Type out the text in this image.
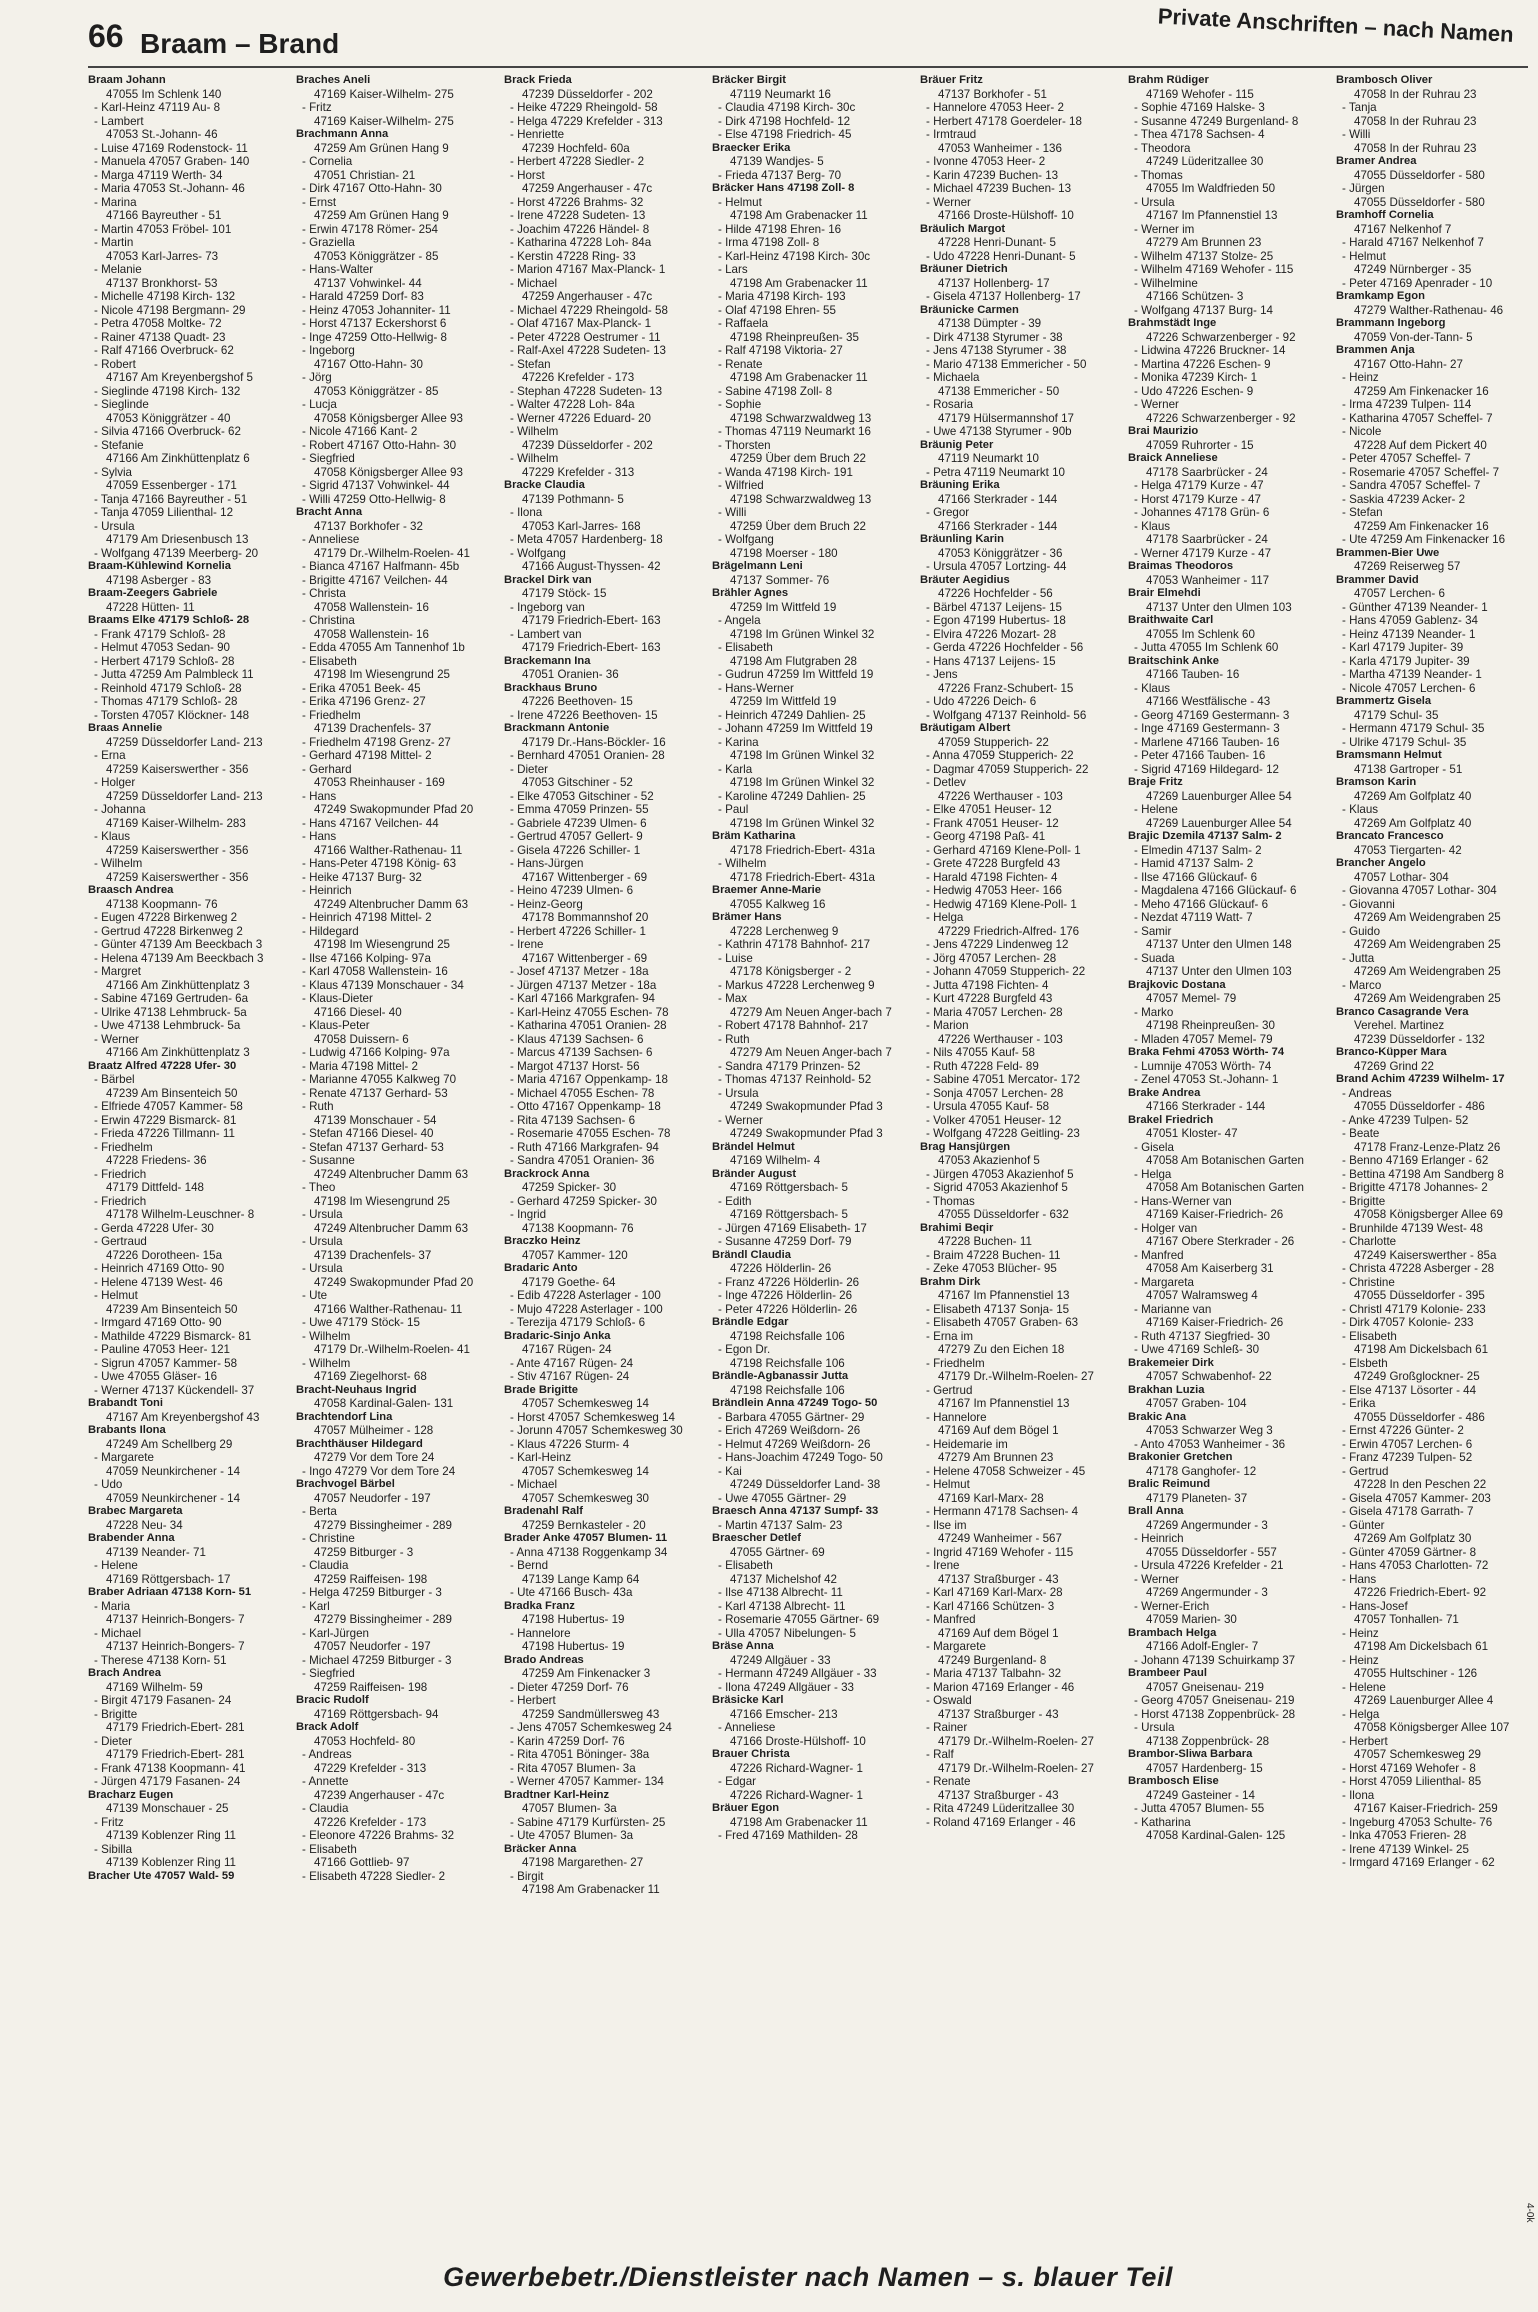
66 Braam – Brand	Private Anschriften – nach Namen
Braam Johann
47055 Im Schlenk 140
- Karl-Heinz 47119 Au- 8
- Lambert
47053 St.-Johann- 46
- Luise 47169 Rodenstock- 11
- Manuela 47057 Graben- 140
- Marga 47119 Werth- 34
- Maria 47053 St.-Johann- 46
- Marina
47166 Bayreuther - 51
- Martin 47053 Fröbel- 101
- Martin
47053 Karl-Jarres- 73
- Melanie
47137 Bronkhorst- 53
- Michelle 47198 Kirch- 132
- Nicole 47198 Bergmann- 29
- Petra 47058 Moltke- 72
- Rainer 47138 Quadt- 23
- Ralf 47166 Overbruck- 62
- Robert
47167 Am Kreyenbergshof 5
- Sieglinde 47198 Kirch- 132
- Sieglinde
47053 Königgrätzer - 40
- Silvia 47166 Overbruck- 62
- Stefanie
47166 Am Zinkhüttenplatz 6
- Sylvia
47059 Essenberger - 171
- Tanja 47166 Bayreuther - 51
- Tanja 47059 Lilienthal- 12
- Ursula
47179 Am Driesenbusch 13
- Wolfgang 47139 Meerberg- 20
Braam-Kühlewind Kornelia
47198 Asberger - 83
Braam-Zeegers Gabriele
47228 Hütten- 11
Braams Elke 47179 Schloß- 28
- Frank 47179 Schloß- 28
- Helmut 47053 Sedan- 90
- Herbert 47179 Schloß- 28
- Jutta 47259 Am Palmbleck 11
- Reinhold 47179 Schloß- 28
- Thomas 47179 Schloß- 28
- Torsten 47057 Klöckner- 148
Braas Annelie
47259 Düsseldorfer Land- 213
- Erna
47259 Kaiserswerther - 356
- Holger
47259 Düsseldorfer Land- 213
- Johanna
47169 Kaiser-Wilhelm- 283
- Klaus
47259 Kaiserswerther - 356
- Wilhelm
47259 Kaiserswerther - 356
Braasch Andrea
47138 Koopmann- 76
- Eugen 47228 Birkenweg 2
- Gertrud 47228 Birkenweg 2
- Günter 47139 Am Beeckbach 3
- Helena 47139 Am Beeckbach 3
- Margret
47166 Am Zinkhüttenplatz 3
- Sabine 47169 Gertruden- 6a
- Ulrike 47138 Lehmbruck- 5a
- Uwe 47138 Lehmbruck- 5a
- Werner
47166 Am Zinkhüttenplatz 3
Braatz Alfred 47228 Ufer- 30
- Bärbel
47239 Am Binsenteich 50
- Elfriede 47057 Kammer- 58
- Erwin 47229 Bismarck- 81
- Frieda 47226 Tillmann- 11
- Friedhelm
47228 Friedens- 36
- Friedrich
47179 Dittfeld- 148
- Friedrich
47178 Wilhelm-Leuschner- 8
- Gerda 47228 Ufer- 30
- Gertraud
47226 Dorotheen- 15a
- Heinrich 47169 Otto- 90
- Helene 47139 West- 46
- Helmut
47239 Am Binsenteich 50
- Irmgard 47169 Otto- 90
- Mathilde 47229 Bismarck- 81
- Pauline 47053 Heer- 121
- Sigrun 47057 Kammer- 58
- Uwe 47055 Gläser- 16
- Werner 47137 Kückendell- 37
Brabandt Toni
47167 Am Kreyenbergshof 43
Brabants Ilona
47249 Am Schellberg 29
- Margarete
47059 Neunkirchener - 14
- Udo
47059 Neunkirchener - 14
Brabec Margareta
47228 Neu- 34
Brabender Anna
47139 Neander- 71
- Helene
47169 Röttgersbach- 17
Braber Adriaan 47138 Korn- 51
- Maria
47137 Heinrich-Bongers- 7
- Michael
47137 Heinrich-Bongers- 7
- Therese 47138 Korn- 51
Brach Andrea
47169 Wilhelm- 59
- Birgit 47179 Fasanen- 24
- Brigitte
47179 Friedrich-Ebert- 281
- Dieter
47179 Friedrich-Ebert- 281
- Frank 47138 Koopmann- 41
- Jürgen 47179 Fasanen- 24
Bracharz Eugen
47139 Monschauer - 25
- Fritz
47139 Koblenzer Ring 11
- Sibilla
47139 Koblenzer Ring 11
Bracher Ute 47057 Wald- 59
Braches Aneli
47169 Kaiser-Wilhelm- 275
- Fritz
47169 Kaiser-Wilhelm- 275
Brachmann Anna
47259 Am Grünen Hang 9
- Cornelia
47051 Christian- 21
- Dirk 47167 Otto-Hahn- 30
- Ernst
47259 Am Grünen Hang 9
- Erwin 47178 Römer- 254
- Graziella
47053 Königgrätzer - 85
- Hans-Walter
47137 Vohwinkel- 44
- Harald 47259 Dorf- 83
- Heinz 47053 Johanniter- 11
- Horst 47137 Eckershorst 6
- Inge 47259 Otto-Hellwig- 8
- Ingeborg
47167 Otto-Hahn- 30
- Jörg
47053 Königgrätzer - 85
- Lucja
47058 Königsberger Allee 93
- Nicole 47166 Kant- 2
- Robert 47167 Otto-Hahn- 30
- Siegfried
47058 Königsberger Allee 93
- Sigrid 47137 Vohwinkel- 44
- Willi 47259 Otto-Hellwig- 8
Bracht Anna
47137 Borkhofer - 32
- Anneliese
47179 Dr.-Wilhelm-Roelen- 41
- Bianca 47167 Halfmann- 45b
- Brigitte 47167 Veilchen- 44
- Christa
47058 Wallenstein- 16
- Christina
47058 Wallenstein- 16
- Edda 47055 Am Tannenhof 1b
- Elisabeth
47198 Im Wiesengrund 25
- Erika 47051 Beek- 45
- Erika 47196 Grenz- 27
- Friedhelm
47139 Drachenfels- 37
- Friedhelm 47198 Grenz- 27
- Gerhard 47198 Mittel- 2
- Gerhard
47053 Rheinhauser - 169
- Hans
47249 Swakopmunder Pfad 20
- Hans 47167 Veilchen- 44
- Hans
47166 Walther-Rathenau- 11
- Hans-Peter 47198 König- 63
- Heike 47137 Burg- 32
- Heinrich
47249 Altenbrucher Damm 63
- Heinrich 47198 Mittel- 2
- Hildegard
47198 Im Wiesengrund 25
- Ilse 47166 Kolping- 97a
- Karl 47058 Wallenstein- 16
- Klaus 47139 Monschauer - 34
- Klaus-Dieter
47166 Diesel- 40
- Klaus-Peter
47058 Duissern- 6
- Ludwig 47166 Kolping- 97a
- Maria 47198 Mittel- 2
- Marianne 47055 Kalkweg 70
- Renate 47137 Gerhard- 53
- Ruth
47139 Monschauer - 54
- Stefan 47166 Diesel- 40
- Stefan 47137 Gerhard- 53
- Susanne
47249 Altenbrucher Damm 63
- Theo
47198 Im Wiesengrund 25
- Ursula
47249 Altenbrucher Damm 63
- Ursula
47139 Drachenfels- 37
- Ursula
47249 Swakopmunder Pfad 20
- Ute
47166 Walther-Rathenau- 11
- Uwe 47179 Stöck- 15
- Wilhelm
47179 Dr.-Wilhelm-Roelen- 41
- Wilhelm
47169 Ziegelhorst- 68
Bracht-Neuhaus Ingrid
47058 Kardinal-Galen- 131
Brachtendorf Lina
47057 Mülheimer - 128
Brachthäuser Hildegard
47279 Vor dem Tore 24
- Ingo 47279 Vor dem Tore 24
Brachvogel Bärbel
47057 Neudorfer - 197
- Berta
47279 Bissingheimer - 289
- Christine
47259 Bitburger - 3
- Claudia
47259 Raiffeisen- 198
- Helga 47259 Bitburger - 3
- Karl
47279 Bissingheimer - 289
- Karl-Jürgen
47057 Neudorfer - 197
- Michael 47259 Bitburger - 3
- Siegfried
47259 Raiffeisen- 198
Bracic Rudolf
47169 Röttgersbach- 94
Brack Adolf
47053 Hochfeld- 80
- Andreas
47229 Krefelder - 313
- Annette
47239 Angerhauser - 47c
- Claudia
47226 Krefelder - 173
- Eleonore 47226 Brahms- 32
- Elisabeth
47166 Gottlieb- 97
- Elisabeth 47228 Siedler- 2
Brack Frieda
47239 Düsseldorfer - 202
- Heike 47229 Rheingold- 58
- Helga 47229 Krefelder - 313
- Henriette
47239 Hochfeld- 60a
- Herbert 47228 Siedler- 2
- Horst
47259 Angerhauser - 47c
- Horst 47226 Brahms- 32
- Irene 47228 Sudeten- 13
- Joachim 47226 Händel- 8
- Katharina 47228 Loh- 84a
- Kerstin 47228 Ring- 33
- Marion 47167 Max-Planck- 1
- Michael
47259 Angerhauser - 47c
- Michael 47229 Rheingold- 58
- Olaf 47167 Max-Planck- 1
- Peter 47228 Oestrumer - 11
- Ralf-Axel 47228 Sudeten- 13
- Stefan
47226 Krefelder - 173
- Stephan 47228 Sudeten- 13
- Walter 47228 Loh- 84a
- Werner 47226 Eduard- 20
- Wilhelm
47239 Düsseldorfer - 202
- Wilhelm
47229 Krefelder - 313
Bracke Claudia
47139 Pothmann- 5
- Ilona
47053 Karl-Jarres- 168
- Meta 47057 Hardenberg- 18
- Wolfgang
47166 August-Thyssen- 42
Brackel Dirk van
47179 Stöck- 15
- Ingeborg van
47179 Friedrich-Ebert- 163
- Lambert van
47179 Friedrich-Ebert- 163
Brackemann Ina
47051 Oranien- 36
Brackhaus Bruno
47226 Beethoven- 15
- Irene 47226 Beethoven- 15
Brackmann Antonie
47179 Dr.-Hans-Böckler- 16
- Bernhard 47051 Oranien- 28
- Dieter
47053 Gitschiner - 52
- Elke 47053 Gitschiner - 52
- Emma 47059 Prinzen- 55
- Gabriele 47239 Ulmen- 6
- Gertrud 47057 Gellert- 9
- Gisela 47226 Schiller- 1
- Hans-Jürgen
47167 Wittenberger - 69
- Heino 47239 Ulmen- 6
- Heinz-Georg
47178 Bommannshof 20
- Herbert 47226 Schiller- 1
- Irene
47167 Wittenberger - 69
- Josef 47137 Metzer - 18a
- Jürgen 47137 Metzer - 18a
- Karl 47166 Markgrafen- 94
- Karl-Heinz 47055 Eschen- 78
- Katharina 47051 Oranien- 28
- Klaus 47139 Sachsen- 6
- Marcus 47139 Sachsen- 6
- Margot 47137 Horst- 56
- Maria 47167 Oppenkamp- 18
- Michael 47055 Eschen- 78
- Otto 47167 Oppenkamp- 18
- Rita 47139 Sachsen- 6
- Rosemarie 47055 Eschen- 78
- Ruth 47166 Markgrafen- 94
- Sandra 47051 Oranien- 36
Brackrock Anna
47259 Spicker- 30
- Gerhard 47259 Spicker- 30
- Ingrid
47138 Koopmann- 76
Braczko Heinz
47057 Kammer- 120
Bradaric Anto
47179 Goethe- 64
- Edib 47228 Asterlager - 100
- Mujo 47228 Asterlager - 100
- Terezija 47179 Schloß- 6
Bradaric-Sinjo Anka
47167 Rügen- 24
- Ante 47167 Rügen- 24
- Stiv 47167 Rügen- 24
Brade Brigitte
47057 Schemkesweg 14
- Horst 47057 Schemkesweg 14
- Jorunn 47057 Schemkesweg 30
- Klaus 47226 Sturm- 4
- Karl-Heinz
47057 Schemkesweg 14
- Michael
47057 Schemkesweg 30
Bradenahl Ralf
47259 Bernkasteler - 20
Brader Anke 47057 Blumen- 11
- Anna 47138 Roggenkamp 34
- Bernd
47139 Lange Kamp 64
- Ute 47166 Busch- 43a
Bradka Franz
47198 Hubertus- 19
- Hannelore
47198 Hubertus- 19
Brado Andreas
47259 Am Finkenacker 3
- Dieter 47259 Dorf- 76
- Herbert
47259 Sandmüllersweg 43
- Jens 47057 Schemkesweg 24
- Karin 47259 Dorf- 76
- Rita 47051 Böninger- 38a
- Rita 47057 Blumen- 3a
- Werner 47057 Kammer- 134
Bradtner Karl-Heinz
47057 Blumen- 3a
- Sabine 47179 Kurfürsten- 25
- Ute 47057 Blumen- 3a
Bräcker Anna
47198 Margarethen- 27
- Birgit
47198 Am Grabenacker 11
Bräcker Birgit
47119 Neumarkt 16
- Claudia 47198 Kirch- 30c
- Dirk 47198 Hochfeld- 12
- Else 47198 Friedrich- 45
Braecker Erika
47139 Wandjes- 5
- Frieda 47137 Berg- 70
Bräcker Hans 47198 Zoll- 8
- Helmut
47198 Am Grabenacker 11
- Hilde 47198 Ehren- 16
- Irma 47198 Zoll- 8
- Karl-Heinz 47198 Kirch- 30c
- Lars
47198 Am Grabenacker 11
- Maria 47198 Kirch- 193
- Olaf 47198 Ehren- 55
- Raffaela
47198 Rheinpreußen- 35
- Ralf 47198 Viktoria- 27
- Renate
47198 Am Grabenacker 11
- Sabine 47198 Zoll- 8
- Sophie
47198 Schwarzwaldweg 13
- Thomas 47119 Neumarkt 16
- Thorsten
47259 Über dem Bruch 22
- Wanda 47198 Kirch- 191
- Wilfried
47198 Schwarzwaldweg 13
- Willi
47259 Über dem Bruch 22
- Wolfgang
47198 Moerser - 180
Brägelmann Leni
47137 Sommer- 76
Brähler Agnes
47259 Im Wittfeld 19
- Angela
47198 Im Grünen Winkel 32
- Elisabeth
47198 Am Flutgraben 28
- Gudrun 47259 Im Wittfeld 19
- Hans-Werner
47259 Im Wittfeld 19
- Heinrich 47249 Dahlien- 25
- Johann 47259 Im Wittfeld 19
- Karina
47198 Im Grünen Winkel 32
- Karla
47198 Im Grünen Winkel 32
- Karoline 47249 Dahlien- 25
- Paul
47198 Im Grünen Winkel 32
Bräm Katharina
47178 Friedrich-Ebert- 431a
- Wilhelm
47178 Friedrich-Ebert- 431a
Braemer Anne-Marie
47055 Kalkweg 16
Brämer Hans
47228 Lerchenweg 9
- Kathrin 47178 Bahnhof- 217
- Luise
47178 Königsberger - 2
- Markus 47228 Lerchenweg 9
- Max
47279 Am Neuen Anger-bach 7
- Robert 47178 Bahnhof- 217
- Ruth
47279 Am Neuen Anger-bach 7
- Sandra 47179 Prinzen- 52
- Thomas 47137 Reinhold- 52
- Ursula
47249 Swakopmunder Pfad 3
- Werner
47249 Swakopmunder Pfad 3
Brändel Helmut
47169 Wilhelm- 4
Bränder August
47169 Röttgersbach- 5
- Edith
47169 Röttgersbach- 5
- Jürgen 47169 Elisabeth- 17
- Susanne 47259 Dorf- 79
Brändl Claudia
47226 Hölderlin- 26
- Franz 47226 Hölderlin- 26
- Inge 47226 Hölderlin- 26
- Peter 47226 Hölderlin- 26
Brändle Edgar
47198 Reichsfalle 106
- Egon Dr.
47198 Reichsfalle 106
Brändle-Agbanassir Jutta
47198 Reichsfalle 106
Brändlein Anna 47249 Togo- 50
- Barbara 47055 Gärtner- 29
- Erich 47269 Weißdorn- 26
- Helmut 47269 Weißdorn- 26
- Hans-Joachim 47249 Togo- 50
- Kai
47249 Düsseldorfer Land- 38
- Uwe 47055 Gärtner- 29
Braesch Anna 47137 Sumpf- 33
- Martin 47137 Salm- 23
Braescher Detlef
47055 Gärtner- 69
- Elisabeth
47137 Michelshof 42
- Ilse 47138 Albrecht- 11
- Karl 47138 Albrecht- 11
- Rosemarie 47055 Gärtner- 69
- Ulla 47057 Nibelungen- 5
Bräse Anna
47249 Allgäuer - 33
- Hermann 47249 Allgäuer - 33
- Ilona 47249 Allgäuer - 33
Bräsicke Karl
47166 Emscher- 213
- Anneliese
47166 Droste-Hülshoff- 10
Brauer Christa
47226 Richard-Wagner- 1
- Edgar
47226 Richard-Wagner- 1
Bräuer Egon
47198 Am Grabenacker 11
- Fred 47169 Mathilden- 28
Bräuer Fritz
47137 Borkhofer - 51
- Hannelore 47053 Heer- 2
- Herbert 47178 Goerdeler- 18
- Irmtraud
47053 Wanheimer - 136
- Ivonne 47053 Heer- 2
- Karin 47239 Buchen- 13
- Michael 47239 Buchen- 13
- Werner
47166 Droste-Hülshoff- 10
Bräulich Margot
47228 Henri-Dunant- 5
- Udo 47228 Henri-Dunant- 5
Bräuner Dietrich
47137 Hollenberg- 17
- Gisela 47137 Hollenberg- 17
Bräunicke Carmen
47138 Dümpter - 39
- Dirk 47138 Styrumer - 38
- Jens 47138 Styrumer - 38
- Mario 47138 Emmericher - 50
- Michaela
47138 Emmericher - 50
- Rosaria
47179 Hülsermannshof 17
- Uwe 47138 Styrumer - 90b
Bräunig Peter
47119 Neumarkt 10
- Petra 47119 Neumarkt 10
Bräuning Erika
47166 Sterkrader - 144
- Gregor
47166 Sterkrader - 144
Bräunling Karin
47053 Königgrätzer - 36
- Ursula 47057 Lortzing- 44
Bräuter Aegidius
47226 Hochfelder - 56
- Bärbel 47137 Leijens- 15
- Egon 47199 Hubertus- 18
- Elvira 47226 Mozart- 28
- Gerda 47226 Hochfelder - 56
- Hans 47137 Leijens- 15
- Jens
47226 Franz-Schubert- 15
- Udo 47226 Deich- 6
- Wolfgang 47137 Reinhold- 56
Bräutigam Albert
47059 Stupperich- 22
- Anna 47059 Stupperich- 22
- Dagmar 47059 Stupperich- 22
- Detlev
47226 Werthauser - 103
- Elke 47051 Heuser- 12
- Frank 47051 Heuser- 12
- Georg 47198 Paß- 41
- Gerhard 47169 Klene-Poll- 1
- Grete 47228 Burgfeld 43
- Harald 47198 Fichten- 4
- Hedwig 47053 Heer- 166
- Hedwig 47169 Klene-Poll- 1
- Helga
47229 Friedrich-Alfred- 176
- Jens 47229 Lindenweg 12
- Jörg 47057 Lerchen- 28
- Johann 47059 Stupperich- 22
- Jutta 47198 Fichten- 4
- Kurt 47228 Burgfeld 43
- Maria 47057 Lerchen- 28
- Marion
47226 Werthauser - 103
- Nils 47055 Kauf- 58
- Ruth 47228 Feld- 89
- Sabine 47051 Mercator- 172
- Sonja 47057 Lerchen- 28
- Ursula 47055 Kauf- 58
- Volker 47051 Heuser- 12
- Wolfgang 47228 Geitling- 23
Brag Hansjürgen
47053 Akazienhof 5
- Jürgen 47053 Akazienhof 5
- Sigrid 47053 Akazienhof 5
- Thomas
47055 Düsseldorfer - 632
Brahimi Beqir
47228 Buchen- 11
- Braim 47228 Buchen- 11
- Zeke 47053 Blücher- 95
Brahm Dirk
47167 Im Pfannenstiel 13
- Elisabeth 47137 Sonja- 15
- Elisabeth 47057 Graben- 63
- Erna im
47279 Zu den Eichen 18
- Friedhelm
47179 Dr.-Wilhelm-Roelen- 27
- Gertrud
47167 Im Pfannenstiel 13
- Hannelore
47169 Auf dem Bögel 1
- Heidemarie im
47279 Am Brunnen 23
- Helene 47058 Schweizer - 45
- Helmut
47169 Karl-Marx- 28
- Hermann 47178 Sachsen- 4
- Ilse im
47249 Wanheimer - 567
- Ingrid 47169 Wehofer - 115
- Irene
47137 Straßburger - 43
- Karl 47169 Karl-Marx- 28
- Karl 47166 Schützen- 3
- Manfred
47169 Auf dem Bögel 1
- Margarete
47249 Burgenland- 8
- Maria 47137 Talbahn- 32
- Marion 47169 Erlanger - 46
- Oswald
47137 Straßburger - 43
- Rainer
47179 Dr.-Wilhelm-Roelen- 27
- Ralf
47179 Dr.-Wilhelm-Roelen- 27
- Renate
47137 Straßburger - 43
- Rita 47249 Lüderitzallee 30
- Roland 47169 Erlanger - 46
Brahm Rüdiger
47169 Wehofer - 115
- Sophie 47169 Halske- 3
- Susanne 47249 Burgenland- 8
- Thea 47178 Sachsen- 4
- Theodora
47249 Lüderitzallee 30
- Thomas
47055 Im Waldfrieden 50
- Ursula
47167 Im Pfannenstiel 13
- Werner im
47279 Am Brunnen 23
- Wilhelm 47137 Stolze- 25
- Wilhelm 47169 Wehofer - 115
- Wilhelmine
47166 Schützen- 3
- Wolfgang 47137 Burg- 14
Brahmstädt Inge
47226 Schwarzenberger - 92
- Lidwina 47226 Bruckner- 14
- Martina 47226 Eschen- 9
- Monika 47239 Kirch- 1
- Udo 47226 Eschen- 9
- Werner
47226 Schwarzenberger - 92
Brai Maurizio
47059 Ruhrorter - 15
Braick Anneliese
47178 Saarbrücker - 24
- Helga 47179 Kurze - 47
- Horst 47179 Kurze - 47
- Johannes 47178 Grün- 6
- Klaus
47178 Saarbrücker - 24
- Werner 47179 Kurze - 47
Braimas Theodoros
47053 Wanheimer - 117
Brair Elmehdi
47137 Unter den Ulmen 103
Braithwaite Carl
47055 Im Schlenk 60
- Jutta 47055 Im Schlenk 60
Braitschink Anke
47166 Tauben- 16
- Klaus
47166 Westfälische - 43
- Georg 47169 Gestermann- 3
- Inge 47169 Gestermann- 3
- Marlene 47166 Tauben- 16
- Peter 47166 Tauben- 16
- Sigrid 47169 Hildegard- 12
Braje Fritz
47269 Lauenburger Allee 54
- Helene
47269 Lauenburger Allee 54
Brajic Dzemila 47137 Salm- 2
- Elmedin 47137 Salm- 2
- Hamid 47137 Salm- 2
- Ilse 47166 Glückauf- 6
- Magdalena 47166 Glückauf- 6
- Meho 47166 Glückauf- 6
- Nezdat 47119 Watt- 7
- Samir
47137 Unter den Ulmen 148
- Suada
47137 Unter den Ulmen 103
Brajkovic Dostana
47057 Memel- 79
- Marko
47198 Rheinpreußen- 30
- Mladen 47057 Memel- 79
Braka Fehmi 47053 Wörth- 74
- Lumnije 47053 Wörth- 74
- Zenel 47053 St.-Johann- 1
Brake Andrea
47166 Sterkrader - 144
Brakel Friedrich
47051 Kloster- 47
- Gisela
47058 Am Botanischen Garten
- Helga
47058 Am Botanischen Garten
- Hans-Werner van
47169 Kaiser-Friedrich- 26
- Holger van
47167 Obere Sterkrader - 26
- Manfred
47058 Am Kaiserberg 31
- Margareta
47057 Walramsweg 4
- Marianne van
47169 Kaiser-Friedrich- 26
- Ruth 47137 Siegfried- 30
- Uwe 47169 Schleß- 30
Brakemeier Dirk
47057 Schwabenhof- 22
Brakhan Luzia
47057 Graben- 104
Brakic Ana
47053 Schwarzer Weg 3
- Anto 47053 Wanheimer - 36
Brakonier Gretchen
47178 Ganghofer- 12
Bralic Reimund
47179 Planeten- 37
Brall Anna
47269 Angermunder - 3
- Heinrich
47055 Düsseldorfer - 557
- Ursula 47226 Krefelder - 21
- Werner
47269 Angermunder - 3
- Werner-Erich
47059 Marien- 30
Brambach Helga
47166 Adolf-Engler- 7
- Johann 47139 Schuirkamp 37
Brambeer Paul
47057 Gneisenau- 219
- Georg 47057 Gneisenau- 219
- Horst 47138 Zoppenbrück- 28
- Ursula
47138 Zoppenbrück- 28
Brambor-Sliwa Barbara
47057 Hardenberg- 15
Brambosch Elise
47249 Gasteiner - 14
- Jutta 47057 Blumen- 55
- Katharina
47058 Kardinal-Galen- 125
Brambosch Oliver
47058 In der Ruhrau 23
- Tanja
47058 In der Ruhrau 23
- Willi
47058 In der Ruhrau 23
Bramer Andrea
47055 Düsseldorfer - 580
- Jürgen
47055 Düsseldorfer - 580
Bramhoff Cornelia
47167 Nelkenhof 7
- Harald 47167 Nelkenhof 7
- Helmut
47249 Nürnberger - 35
- Peter 47169 Apenrader - 10
Bramkamp Egon
47279 Walther-Rathenau- 46
Brammann Ingeborg
47059 Von-der-Tann- 5
Brammen Anja
47167 Otto-Hahn- 27
- Heinz
47259 Am Finkenacker 16
- Irma 47239 Tulpen- 114
- Katharina 47057 Scheffel- 7
- Nicole
47228 Auf dem Pickert 40
- Peter 47057 Scheffel- 7
- Rosemarie 47057 Scheffel- 7
- Sandra 47057 Scheffel- 7
- Saskia 47239 Acker- 2
- Stefan
47259 Am Finkenacker 16
- Ute 47259 Am Finkenacker 16
Brammen-Bier Uwe
47269 Reiserweg 57
Brammer David
47057 Lerchen- 6
- Günther 47139 Neander- 1
- Hans 47059 Gablenz- 34
- Heinz 47139 Neander- 1
- Karl 47179 Jupiter- 39
- Karla 47179 Jupiter- 39
- Martha 47139 Neander- 1
- Nicole 47057 Lerchen- 6
Brammertz Gisela
47179 Schul- 35
- Hermann 47179 Schul- 35
- Ulrike 47179 Schul- 35
Bramsmann Helmut
47138 Gartroper - 51
Bramson Karin
47269 Am Golfplatz 40
- Klaus
47269 Am Golfplatz 40
Brancato Francesco
47053 Tiergarten- 42
Brancher Angelo
47057 Lothar- 304
- Giovanna 47057 Lothar- 304
- Giovanni
47269 Am Weidengraben 25
- Guido
47269 Am Weidengraben 25
- Jutta
47269 Am Weidengraben 25
- Marco
47269 Am Weidengraben 25
Branco Casagrande Vera
Verehel. Martinez
47239 Düsseldorfer - 132
Branco-Küpper Mara
47269 Grind 22
Brand Achim 47239 Wilhelm- 17
- Andreas
47055 Düsseldorfer - 486
- Anke 47239 Tulpen- 52
- Beate
47178 Franz-Lenze-Platz 26
- Benno 47169 Erlanger - 62
- Bettina 47198 Am Sandberg 8
- Brigitte 47178 Johannes- 2
- Brigitte
47058 Königsberger Allee 69
- Brunhilde 47139 West- 48
- Charlotte
47249 Kaiserswerther - 85a
- Christa 47228 Asberger - 28
- Christine
47055 Düsseldorfer - 395
- Christl 47179 Kolonie- 233
- Dirk 47057 Kolonie- 233
- Elisabeth
47198 Am Dickelsbach 61
- Elsbeth
47249 Großglockner- 25
- Else 47137 Lösorter - 44
- Erika
47055 Düsseldorfer - 486
- Ernst 47226 Günter- 2
- Erwin 47057 Lerchen- 6
- Franz 47239 Tulpen- 52
- Gertrud
47228 In den Peschen 22
- Gisela 47057 Kammer- 203
- Gisela 47178 Garrath- 7
- Günter
47269 Am Golfplatz 30
- Günter 47059 Gärtner- 8
- Hans 47053 Charlotten- 72
- Hans
47226 Friedrich-Ebert- 92
- Hans-Josef
47057 Tonhallen- 71
- Heinz
47198 Am Dickelsbach 61
- Heinz
47055 Hultschiner - 126
- Helene
47269 Lauenburger Allee 4
- Helga
47058 Königsberger Allee 107
- Herbert
47057 Schemkesweg 29
- Horst 47169 Wehofer - 8
- Horst 47059 Lilienthal- 85
- Ilona
47167 Kaiser-Friedrich- 259
- Ingeburg 47053 Schulte- 76
- Inka 47053 Frieren- 28
- Irene 47139 Winkel- 25
- Irmgard 47169 Erlanger - 62
Gewerbebetr./Dienstleister nach Namen – s. blauer Teil
4-0k
